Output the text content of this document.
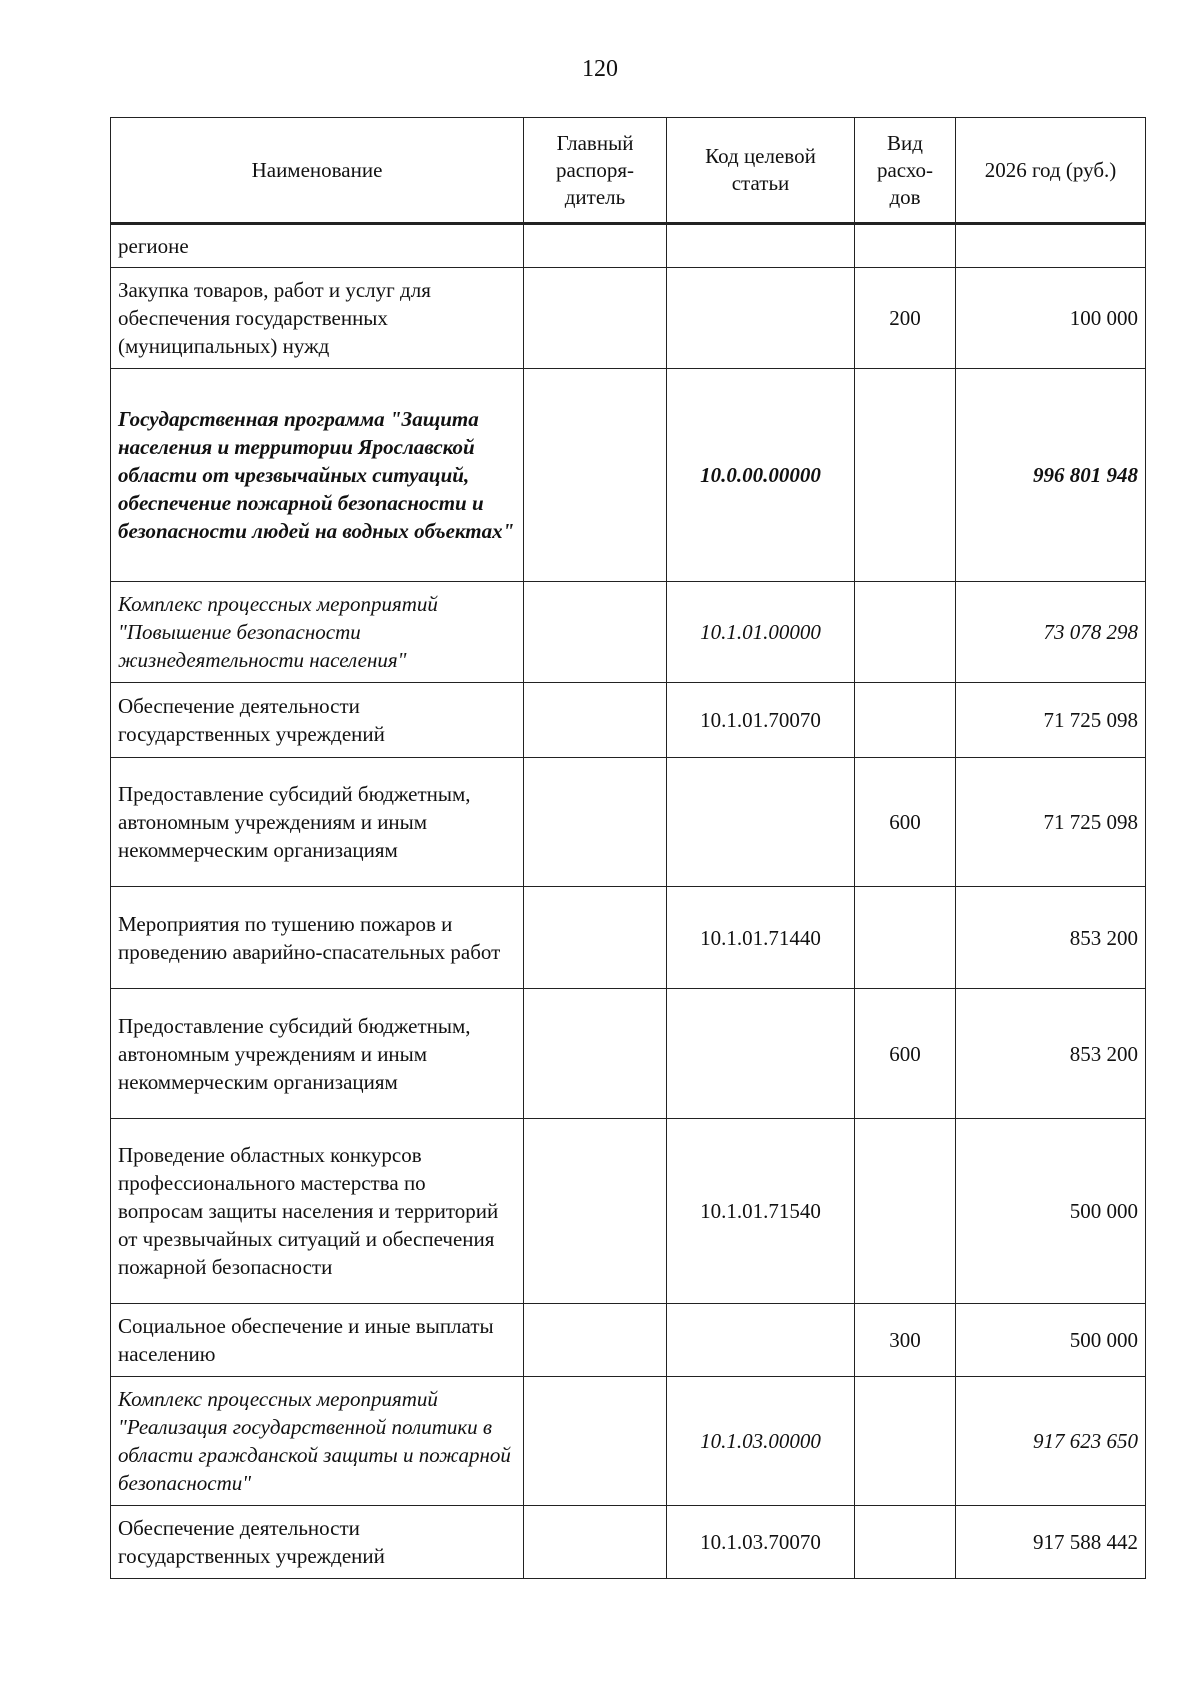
120
Наименование	Главный распоря-дитель	Код целевой статьи	Вид расхо-дов	2026 год (руб.)
регионе				
Закупка товаров, работ и услуг для обеспечения государственных (муниципальных) нужд			200	100 000
Государственная программа "Защита населения и территории Ярославской области от чрезвычайных ситуаций, обеспечение пожарной безопасности и безопасности людей на водных объектах"		10.0.00.00000		996 801 948
Комплекс процессных мероприятий "Повышение безопасности жизнедеятельности населения"		10.1.01.00000		73 078 298
Обеспечение деятельности государственных учреждений		10.1.01.70070		71 725 098
Предоставление субсидий бюджетным, автономным учреждениям и иным некоммерческим организациям			600	71 725 098
Мероприятия по тушению пожаров и проведению аварийно-спасательных работ		10.1.01.71440		853 200
Предоставление субсидий бюджетным, автономным учреждениям и иным некоммерческим организациям			600	853 200
Проведение областных конкурсов профессионального мастерства по вопросам защиты населения и территорий от чрезвычайных ситуаций и обеспечения пожарной безопасности		10.1.01.71540		500 000
Социальное обеспечение и иные выплаты населению			300	500 000
Комплекс процессных мероприятий "Реализация государственной политики в области гражданской защиты и пожарной безопасности"		10.1.03.00000		917 623 650
Обеспечение деятельности государственных учреждений		10.1.03.70070		917 588 442
